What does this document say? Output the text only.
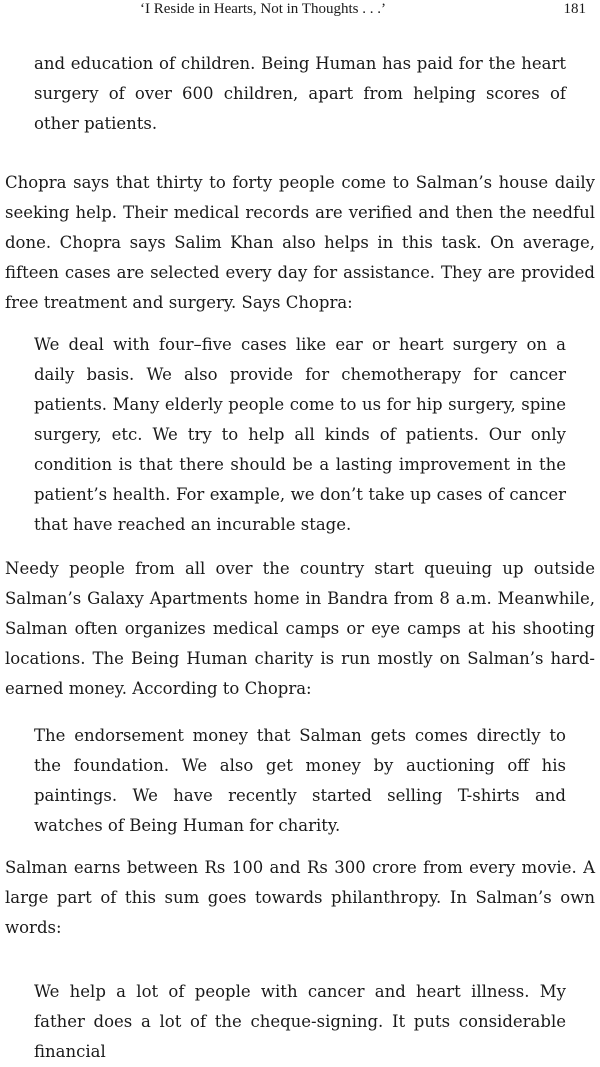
‘I Reside in Hearts, Not in Thoughts . . .’	181

and education of children. Being Human has paid for the heart surgery of over 600 children, apart from helping scores of other patients.

Chopra says that thirty to forty people come to Salman’s house daily seeking help. Their medical records are verified and then the needful done. Chopra says Salim Khan also helps in this task. On average, fifteen cases are selected every day for assistance. They are provided free treatment and surgery. Says Chopra:

We deal with four–five cases like ear or heart surgery on a daily basis. We also provide for chemotherapy for cancer patients. Many elderly people come to us for hip surgery, spine surgery, etc. We try to help all kinds of patients. Our only condition is that there should be a lasting improvement in the patient’s health. For example, we don’t take up cases of cancer that have reached an incurable stage.

Needy people from all over the country start queuing up outside Salman’s Galaxy Apartments home in Bandra from 8 a.m. Meanwhile, Salman often organizes medical camps or eye camps at his shooting locations. The Being Human charity is run mostly on Salman’s hard-earned money. According to Chopra:

The endorsement money that Salman gets comes directly to the foundation. We also get money by auctioning off his paintings. We have recently started selling T-shirts and watches of Being Human for charity.

Salman earns between Rs 100 and Rs 300 crore from every movie. A large part of this sum goes towards philanthropy. In Salman’s own words:

We help a lot of people with cancer and heart illness. My father does a lot of the cheque-signing. It puts considerable financial
